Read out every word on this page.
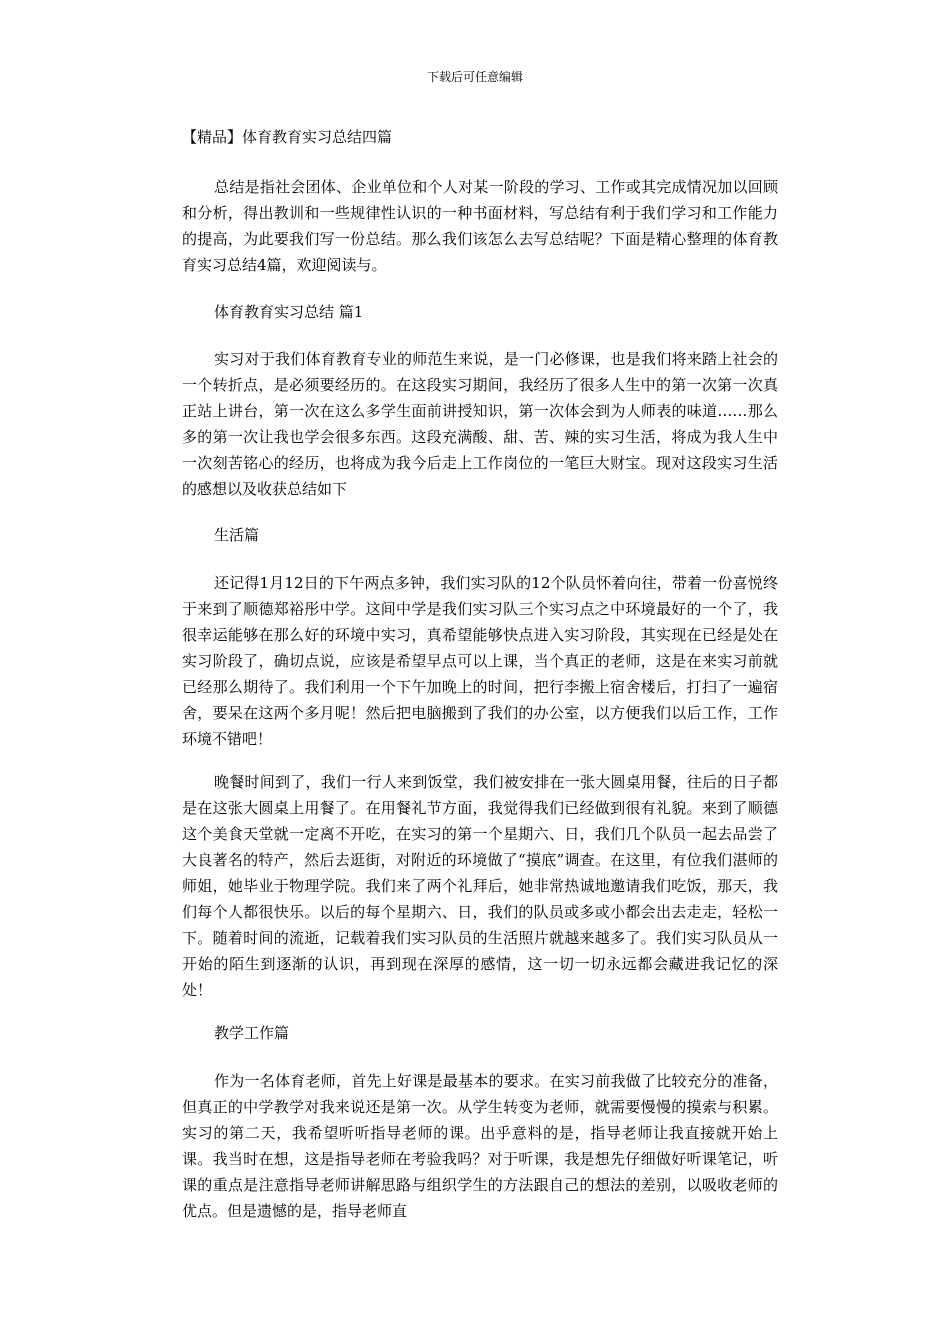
下载后可任意编辑
【精品】体育教育实习总结四篇

总结是指社会团体、企业单位和个人对某一阶段的学习、工作或其完成情况加以回顾和分析，得出教训和一些规律性认识的一种书面材料，写总结有利于我们学习和工作能力的提高，为此要我们写一份总结。那么我们该怎么去写总结呢？下面是精心整理的体育教育实习总结4篇，欢迎阅读与。

体育教育实习总结 篇1

实习对于我们体育教育专业的师范生来说，是一门必修课，也是我们将来踏上社会的一个转折点，是必须要经历的。在这段实习期间，我经历了很多人生中的第一次第一次真正站上讲台，第一次在这么多学生面前讲授知识，第一次体会到为人师表的味道……那么多的第一次让我也学会很多东西。这段充满酸、甜、苦、辣的实习生活，将成为我人生中一次刻苦铭心的经历，也将成为我今后走上工作岗位的一笔巨大财宝。现对这段实习生活的感想以及收获总结如下

生活篇

还记得1月12日的下午两点多钟，我们实习队的12个队员怀着向往，带着一份喜悦终于来到了顺德郑裕彤中学。这间中学是我们实习队三个实习点之中环境最好的一个了，我很幸运能够在那么好的环境中实习，真希望能够快点进入实习阶段，其实现在已经是处在实习阶段了，确切点说，应该是希望早点可以上课，当个真正的老师，这是在来实习前就已经那么期待了。我们利用一个下午加晚上的时间，把行李搬上宿舍楼后，打扫了一遍宿舍，要呆在这两个多月呢！然后把电脑搬到了我们的办公室，以方便我们以后工作，工作环境不错吧！

晚餐时间到了，我们一行人来到饭堂，我们被安排在一张大圆桌用餐，往后的日子都是在这张大圆桌上用餐了。在用餐礼节方面，我觉得我们已经做到很有礼貌。来到了顺德这个美食天堂就一定离不开吃，在实习的第一个星期六、日，我们几个队员一起去品尝了大良著名的特产，然后去逛街，对附近的环境做了“摸底”调查。在这里，有位我们湛师的师姐，她毕业于物理学院。我们来了两个礼拜后，她非常热诚地邀请我们吃饭，那天，我们每个人都很快乐。以后的每个星期六、日，我们的队员或多或小都会出去走走，轻松一下。随着时间的流逝，记载着我们实习队员的生活照片就越来越多了。我们实习队员从一开始的陌生到逐渐的认识，再到现在深厚的感情，这一切一切永远都会藏进我记忆的深处！

教学工作篇

作为一名体育老师，首先上好课是最基本的要求。在实习前我做了比较充分的准备，但真正的中学教学对我来说还是第一次。从学生转变为老师，就需要慢慢的摸索与积累。实习的第二天，我希望听听指导老师的课。出乎意料的是，指导老师让我直接就开始上课。我当时在想，这是指导老师在考验我吗？对于听课，我是想先仔细做好听课笔记，听课的重点是注意指导老师讲解思路与组织学生的方法跟自己的想法的差别，以吸收老师的优点。但是遗憾的是，指导老师直
